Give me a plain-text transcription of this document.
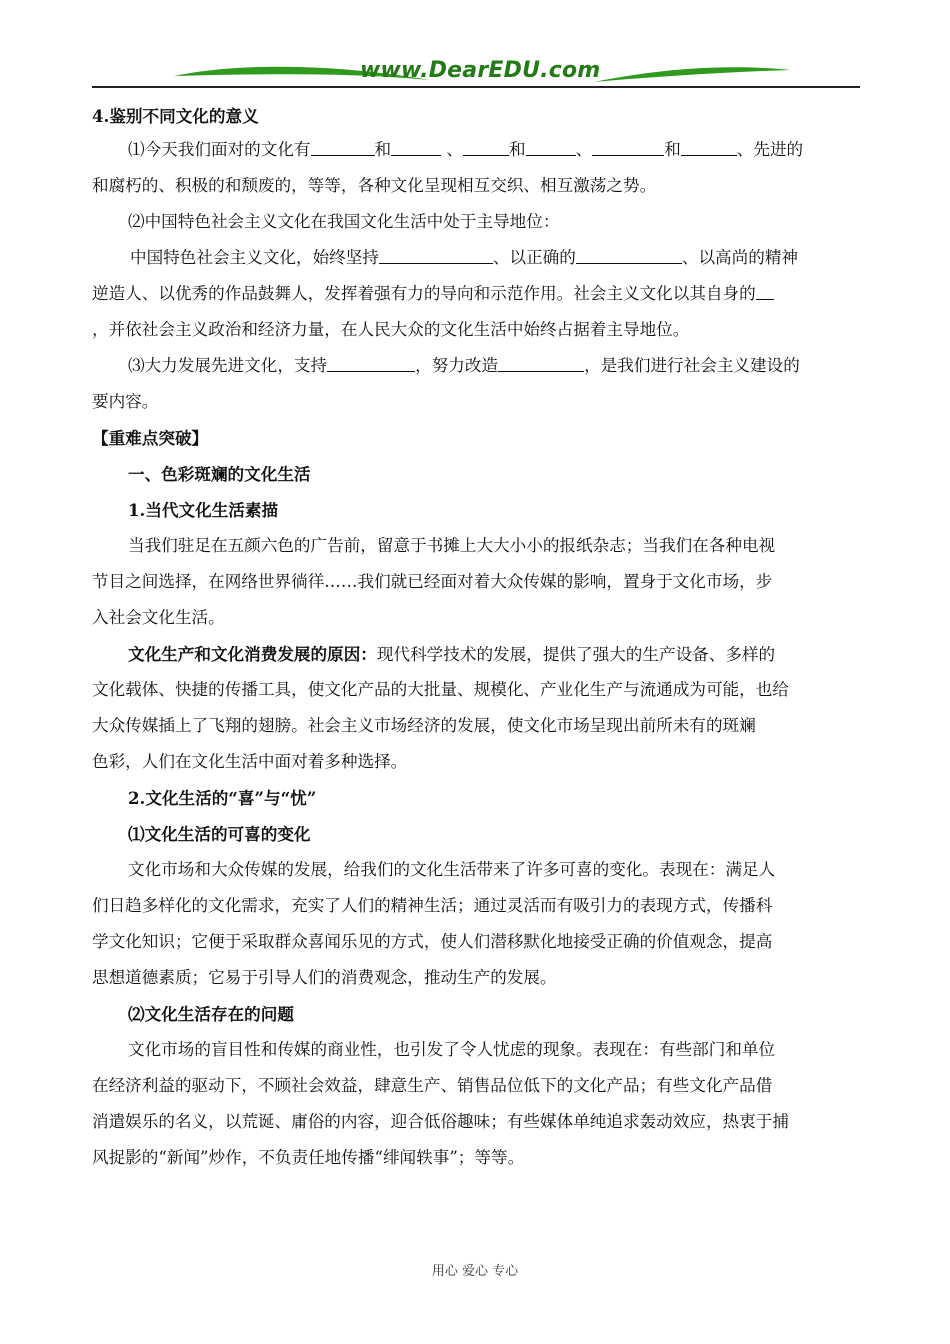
www.DearEDU.com
4.鉴别不同文化的意义
⑴今天我们面对的文化有	和	、	和	、	和	、先进的
和腐朽的、积极的和颓废的，等等，各种文化呈现相互交织、相互激荡之势。
⑵中国特色社会主义文化在我国文化生活中处于主导地位：
中国特色社会主义文化，始终坚持	、以正确的	、以高尚的精神
逆造人、以优秀的作品鼓舞人，发挥着强有力的导向和示范作用。社会主义文化以其自身的
，并依社会主义政治和经济力量，在人民大众的文化生活中始终占据着主导地位。
⑶大力发展先进文化，支持	，努力改造	，是我们进行社会主义建设的
要内容。
【重难点突破】
一、色彩斑斓的文化生活
1.当代文化生活素描
当我们驻足在五颜六色的广告前，留意于书摊上大大小小的报纸杂志；当我们在各种电视
节目之间选择，在网络世界徜徉……我们就已经面对着大众传媒的影响，置身于文化市场，步
入社会文化生活。
文化生产和文化消费发展的原因：现代科学技术的发展，提供了强大的生产设备、多样的
文化载体、快捷的传播工具，使文化产品的大批量、规模化、产业化生产与流通成为可能，也给
大众传媒插上了飞翔的翅膀。社会主义市场经济的发展，使文化市场呈现出前所未有的斑斓
色彩，人们在文化生活中面对着多种选择。
2.文化生活的“喜”与“忧”
⑴文化生活的可喜的变化
文化市场和大众传媒的发展，给我们的文化生活带来了许多可喜的变化。表现在：满足人
们日趋多样化的文化需求，充实了人们的精神生活；通过灵活而有吸引力的表现方式，传播科
学文化知识；它便于采取群众喜闻乐见的方式，使人们潜移默化地接受正确的价值观念，提高
思想道德素质；它易于引导人们的消费观念，推动生产的发展。
⑵文化生活存在的问题
文化市场的盲目性和传媒的商业性，也引发了令人忧虑的现象。表现在：有些部门和单位
在经济利益的驱动下，不顾社会效益，肆意生产、销售品位低下的文化产品；有些文化产品借
消遣娱乐的名义，以荒诞、庸俗的内容，迎合低俗趣味；有些媒体单纯追求轰动效应，热衷于捕
风捉影的“新闻”炒作，不负责任地传播“绯闻轶事”；等等。
用心 爱心 专心
